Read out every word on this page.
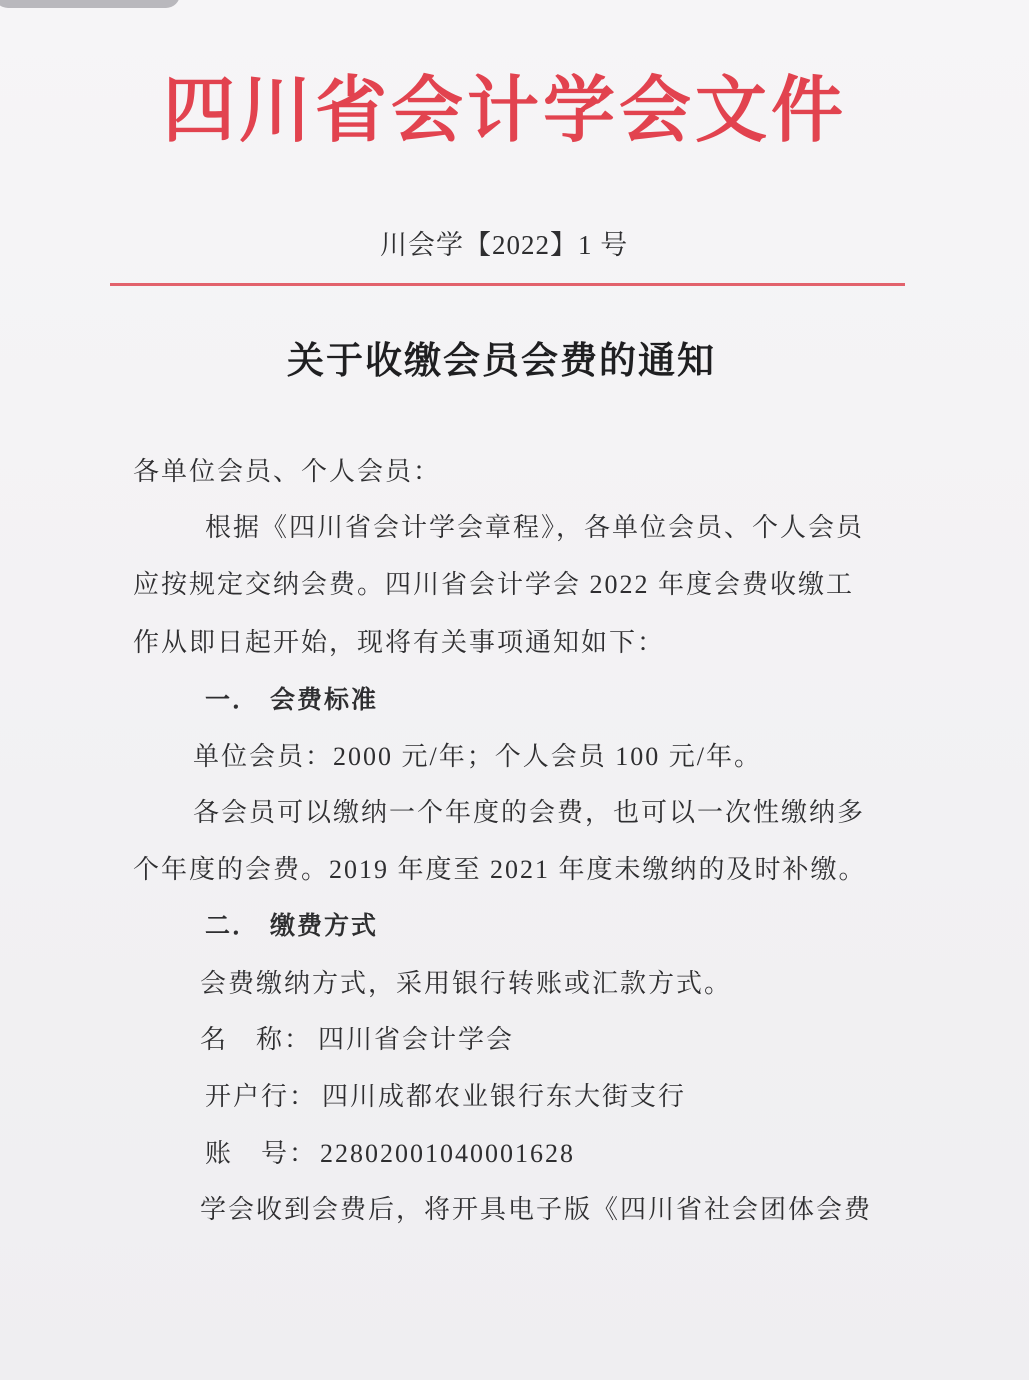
四川省会计学会文件
川会学【2022】1 号
关于收缴会员会费的通知
各单位会员、个人会员：
根据《四川省会计学会章程》，各单位会员、个人会员
应按规定交纳会费。四川省会计学会 2022 年度会费收缴工
作从即日起开始，现将有关事项通知如下：
一． 会费标准
单位会员：2000 元/年；个人会员 100 元/年。
各会员可以缴纳一个年度的会费，也可以一次性缴纳多
个年度的会费。2019 年度至 2021 年度未缴纳的及时补缴。
二． 缴费方式
会费缴纳方式，采用银行转账或汇款方式。
名　称： 四川省会计学会
开户行： 四川成都农业银行东大街支行
账　号： 22802001040001628
学会收到会费后，将开具电子版《四川省社会团体会费
